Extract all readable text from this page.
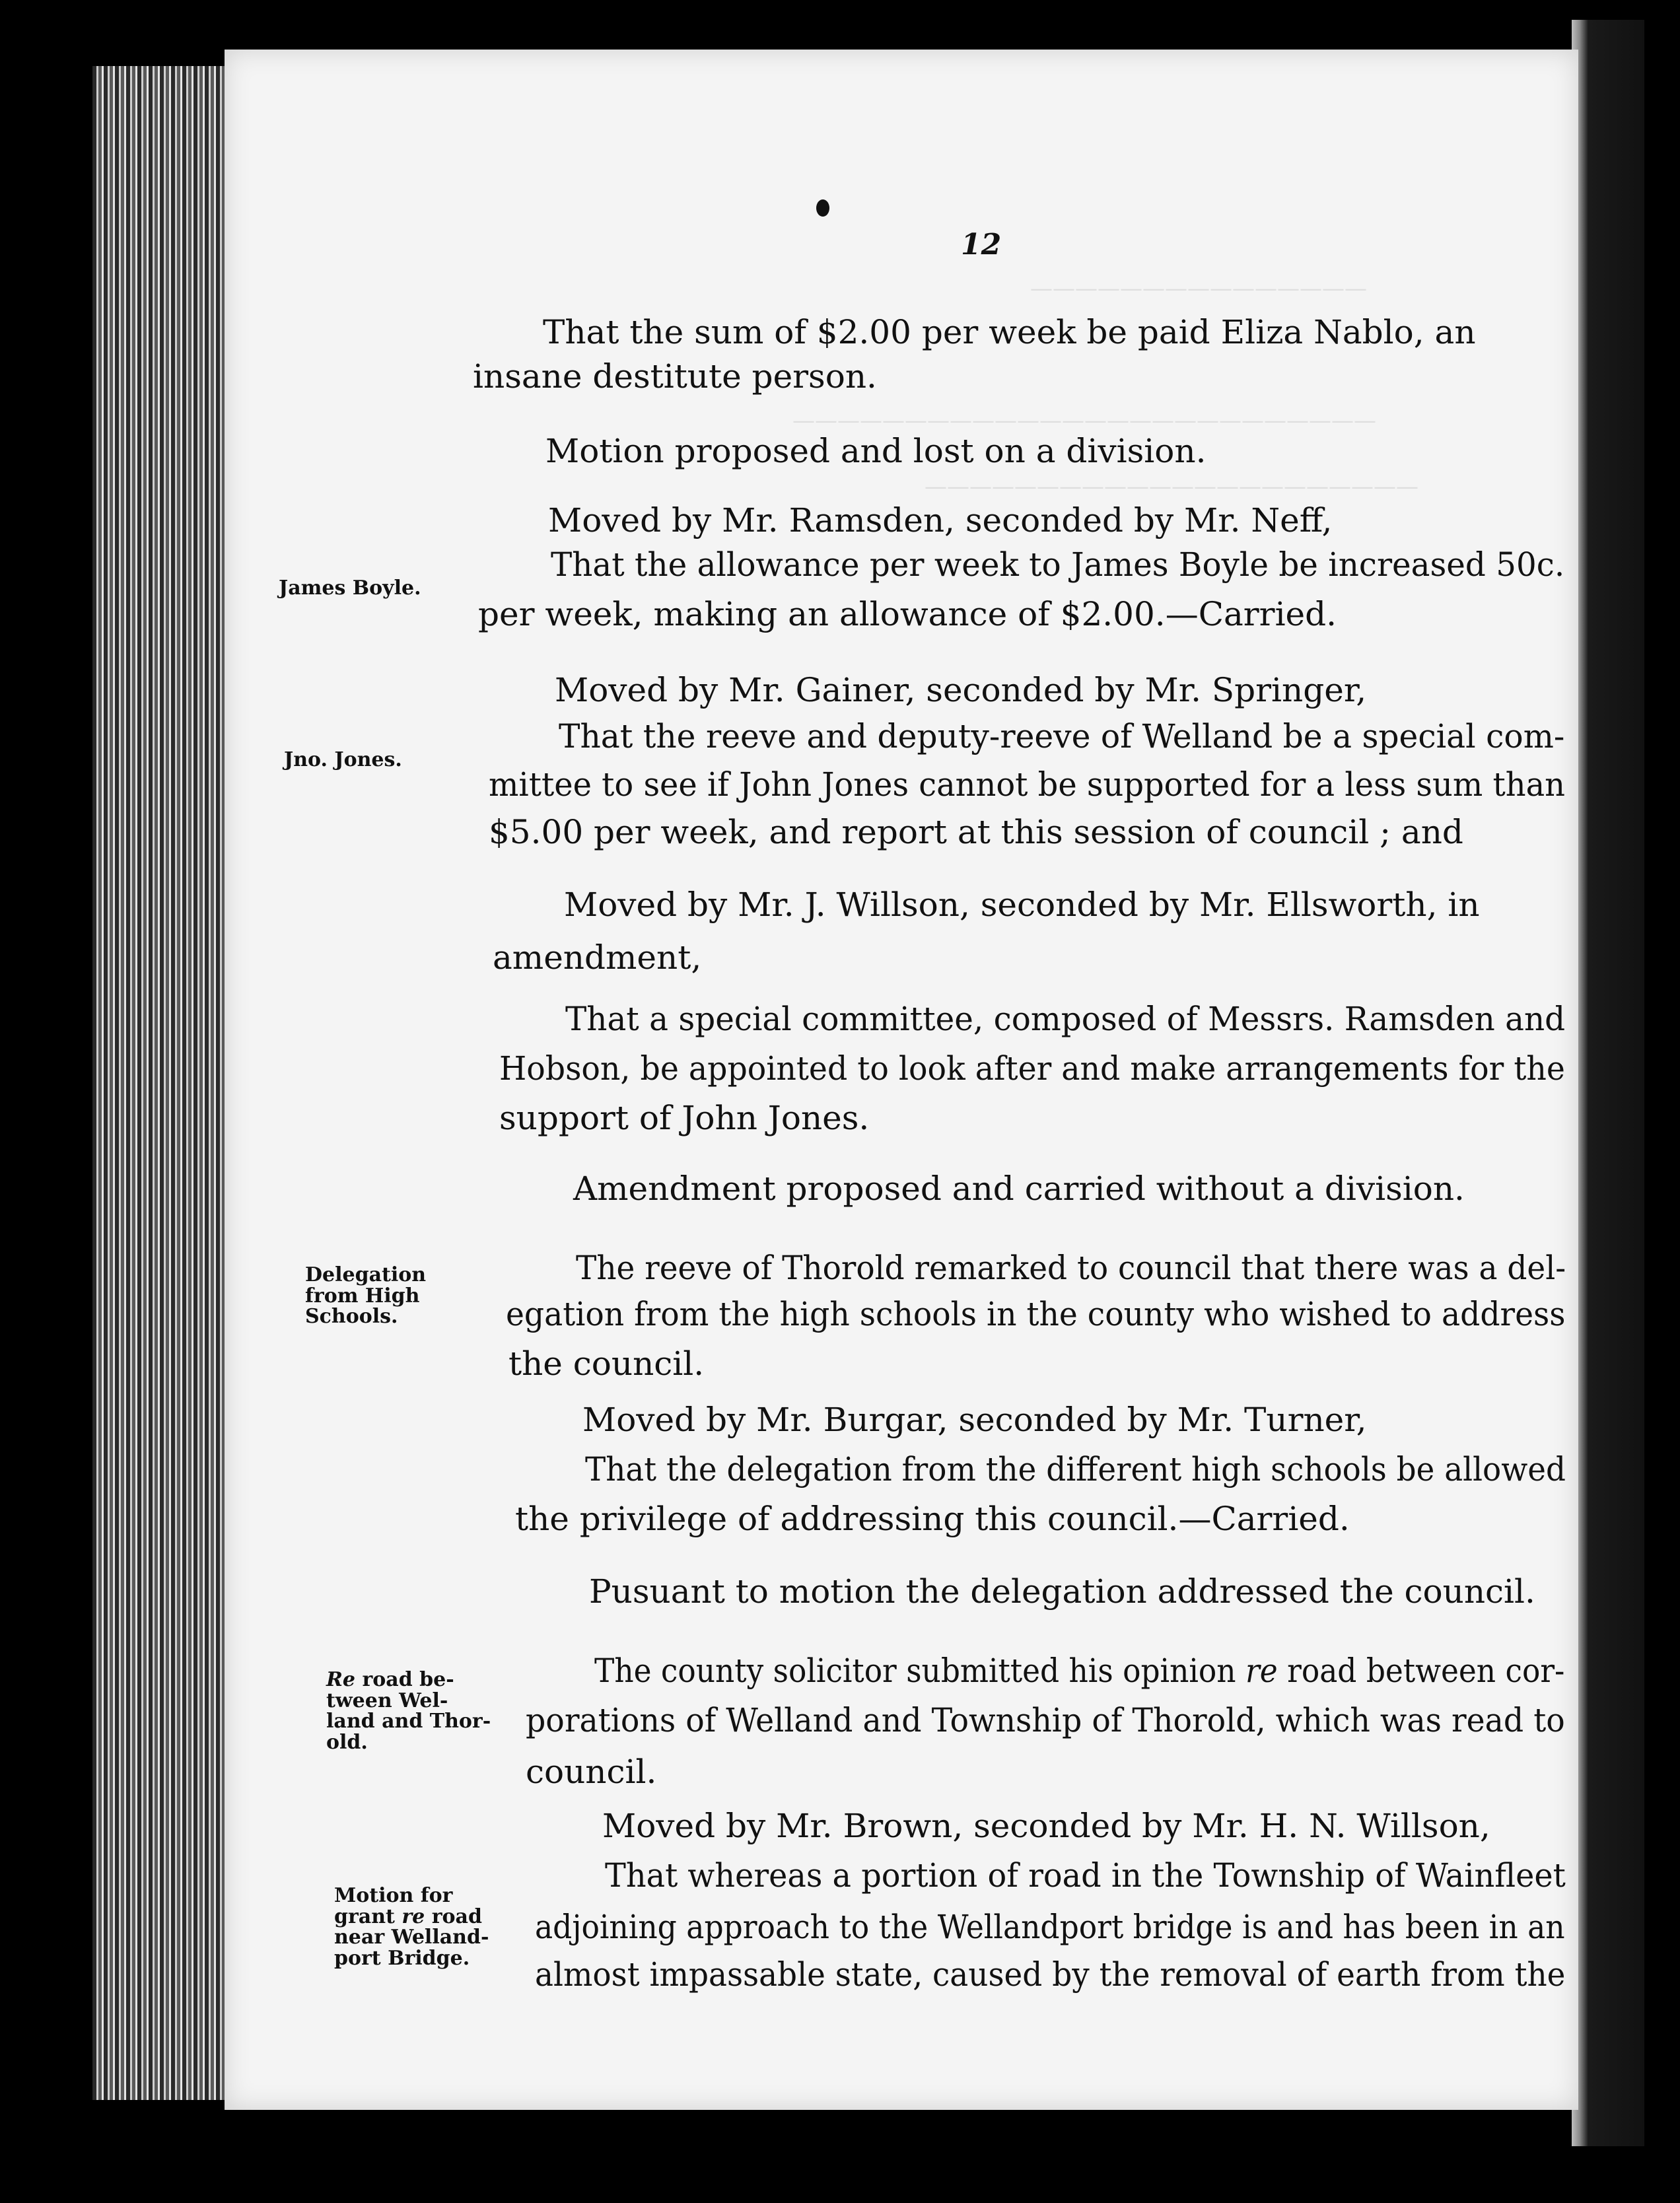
———————————————
——————————————————————————
——————————————————————
12
That the sum of $2.00 per week be paid Eliza Nablo, an
insane destitute person.
Motion proposed and lost on a division.
Moved by Mr. Ramsden, seconded by Mr. Neff,
That the allowance per week to James Boyle be increased 50c.
per week, making an allowance of $2.00.—Carried.
Moved by Mr. Gainer, seconded by Mr. Springer,
That the reeve and deputy-reeve of Welland be a special com-
mittee to see if John Jones cannot be supported for a less sum than
$5.00 per week, and report at this session of council ; and
Moved by Mr. J. Willson, seconded by Mr. Ellsworth, in
amendment,
That a special committee, composed of Messrs. Ramsden and
Hobson, be appointed to look after and make arrangements for the
support of John Jones.
Amendment proposed and carried without a division.
The reeve of Thorold remarked to council that there was a del-
egation from the high schools in the county who wished to address
the council.
Moved by Mr. Burgar, seconded by Mr. Turner,
That the delegation from the different high schools be allowed
the privilege of addressing this council.—Carried.
Pusuant to motion the delegation addressed the council.
The county solicitor submitted his opinion re road between cor-
porations of Welland and Township of Thorold, which was read to
council.
Moved by Mr. Brown, seconded by Mr. H. N. Willson,
That whereas a portion of road in the Township of Wainfleet
adjoining approach to the Wellandport bridge is and has been in an
almost impassable state, caused by the removal of earth from the
James Boyle.
Jno. Jones.
Delegation
from High
Schools.
Re road be-
tween Wel-
land and Thor-
old.
Motion for
grant re road
near Welland-
port Bridge.
